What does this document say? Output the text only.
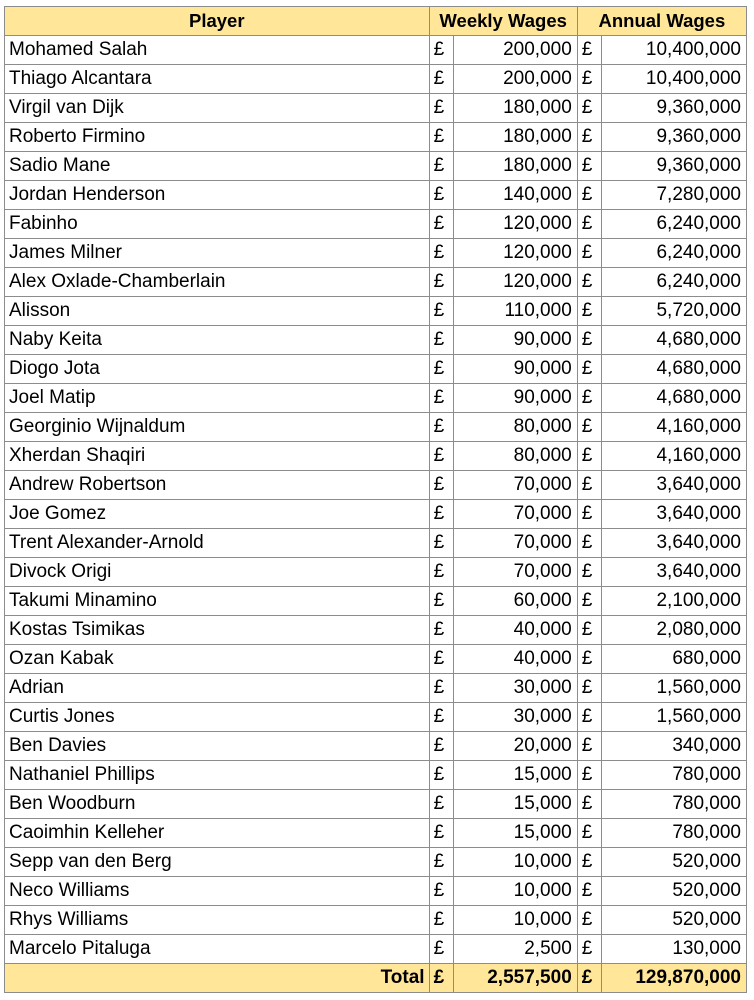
Player	Weekly Wages		Annual Wages	
Mohamed Salah	£	200,000	£	10,400,000
Thiago Alcantara	£	200,000	£	10,400,000
Virgil van Dijk	£	180,000	£	9,360,000
Roberto Firmino	£	180,000	£	9,360,000
Sadio Mane	£	180,000	£	9,360,000
Jordan Henderson	£	140,000	£	7,280,000
Fabinho	£	120,000	£	6,240,000
James Milner	£	120,000	£	6,240,000
Alex Oxlade-Chamberlain	£	120,000	£	6,240,000
Alisson	£	110,000	£	5,720,000
Naby Keita	£	90,000	£	4,680,000
Diogo Jota	£	90,000	£	4,680,000
Joel Matip	£	90,000	£	4,680,000
Georginio Wijnaldum	£	80,000	£	4,160,000
Xherdan Shaqiri	£	80,000	£	4,160,000
Andrew Robertson	£	70,000	£	3,640,000
Joe Gomez	£	70,000	£	3,640,000
Trent Alexander-Arnold	£	70,000	£	3,640,000
Divock Origi	£	70,000	£	3,640,000
Takumi Minamino	£	60,000	£	2,100,000
Kostas Tsimikas	£	40,000	£	2,080,000
Ozan Kabak	£	40,000	£	680,000
Adrian	£	30,000	£	1,560,000
Curtis Jones	£	30,000	£	1,560,000
Ben Davies	£	20,000	£	340,000
Nathaniel Phillips	£	15,000	£	780,000
Ben Woodburn	£	15,000	£	780,000
Caoimhin Kelleher	£	15,000	£	780,000
Sepp van den Berg	£	10,000	£	520,000
Neco Williams	£	10,000	£	520,000
Rhys Williams	£	10,000	£	520,000
Marcelo Pitaluga	£	2,500	£	130,000
Total	£	2,557,500	£	129,870,000
